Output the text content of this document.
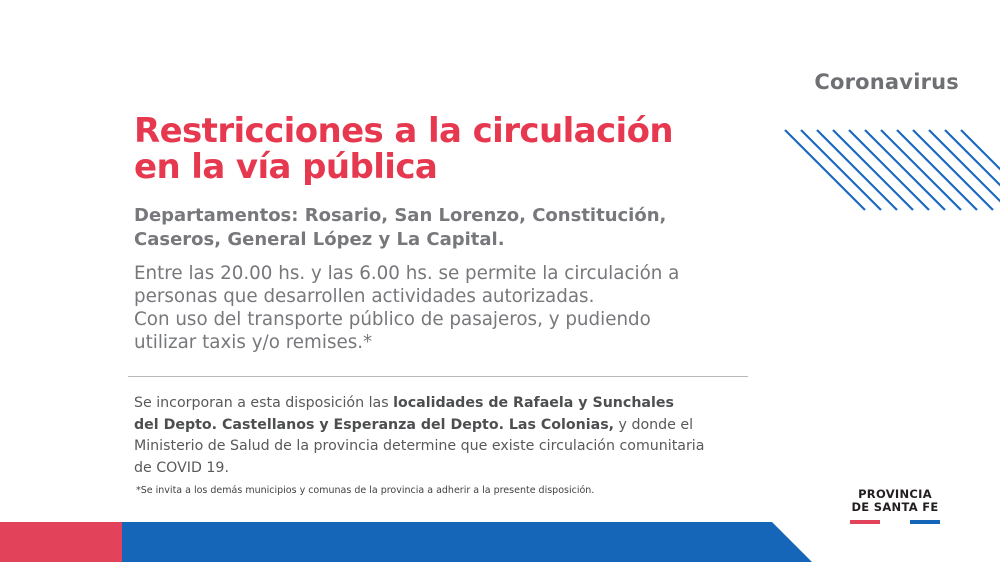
Coronavirus
Restricciones a la circulación
en la vía pública

Departamentos: Rosario, San Lorenzo, Constitución,
Caseros, General López y La Capital.

Entre las 20.00 hs. y las 6.00 hs. se permite la circulación a
personas que desarrollen actividades autorizadas.
Con uso del transporte público de pasajeros, y pudiendo
utilizar taxis y/o remises.*

Se incorporan a esta disposición las localidades de Rafaela y Sunchales
del Depto. Castellanos y Esperanza del Depto. Las Colonias, y donde el
Ministerio de Salud de la provincia determine que existe circulación comunitaria
de COVID 19.

*Se invita a los demás municipios y comunas de la provincia a adherir a la presente disposición.	PROVINCIA
DE SANTA FE
